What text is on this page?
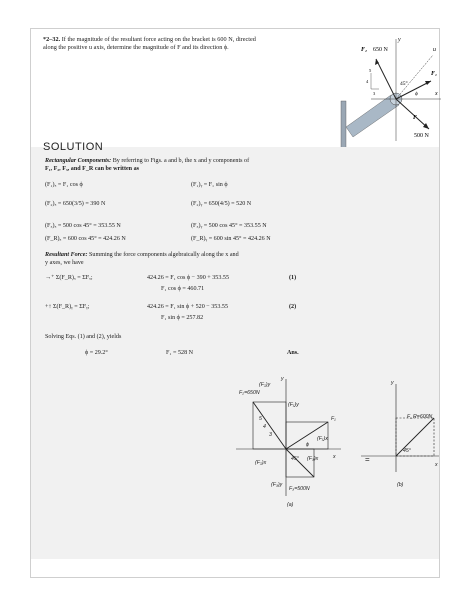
*2–32. If the magnitude of the resultant force acting on the bracket is 600 N, directed along the positive u axis, determine the magnitude of F and its direction ϕ.	F₂ 650 N
y
u
F₁
x
F
500 N
45°
ϕ
5
3
4
SOLUTION
Rectangular Components: By referring to Figs. a and b, the x and y components of
F₁, F₂, F₃, and F_R can be written as
(F₁)ₓ = F₁ cos ϕ	(F₁)ᵧ = F₁ sin ϕ
(F₂)ₓ = 650(3/5) = 390 N	(F₂)ᵧ = 650(4/5) = 520 N
(F₃)ₓ = 500 cos 45° = 353.55 N	(F₃)ᵧ = 500 cos 45° = 353.55 N
(F_R)ₓ = 600 cos 45° = 424.26 N	(F_R)ᵧ = 600 sin 45° = 424.26 N
Resultant Force: Summing the force components algebraically along the x and
y axes, we have
→⁺ Σ(F_R)ₓ = ΣFₓ;	424.26 = F₁ cos ϕ − 390 + 353.55
F₁ cos ϕ = 460.71
(1)
+↑ Σ(F_R)ᵧ = ΣFᵧ;	424.26 = F₁ sin ϕ + 520 − 353.55
F₁ sin ϕ = 257.82
(2)
Solving Eqs. (1) and (2), yields
ϕ = 29.2°	F₁ = 528 N	Ans.
F₂=650N
(F₂)y
F₁
(F₁)y
(F₁)x
4
3
5
ϕ
x
y
(F₂)x
45° (F₃)x
(F₃)y
F₃=500N
(a)
=
y
F_R=600N
45°
x
(b)
